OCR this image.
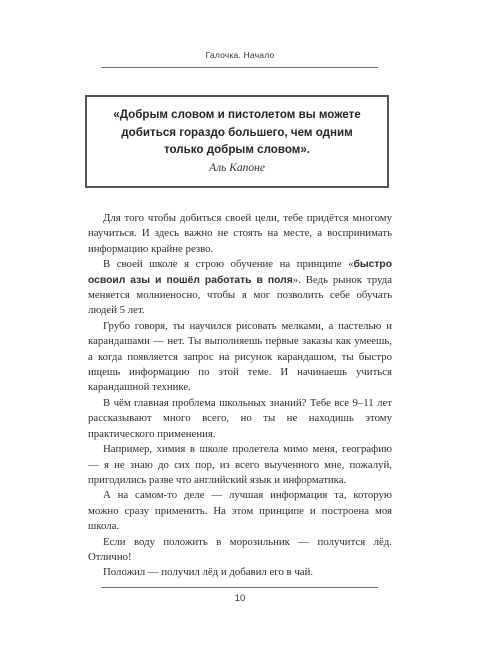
Галочка. Начало
«Добрым словом и пистолетом вы можете
добиться гораздо большего, чем одним
только добрым словом».
Аль Капоне

Для того чтобы добиться своей цели, тебе придётся многому научиться. И здесь важно не стоять на месте, а воспринимать информацию крайне резво.

В своей школе я строю обучение на принципе «быстро освоил азы и пошёл работать в поля». Ведь рынок труда меняется молниеносно, чтобы я мог позволить себе обучать людей 5 лет.

Грубо говоря, ты научился рисовать мелками, а пастелью и карандашами — нет. Ты выполняешь первые заказы как умеешь, а когда появляется запрос на рисунок карандашом, ты быстро ищешь информацию по этой теме. И начинаешь учиться карандашной технике.

В чём главная проблема школьных знаний? Тебе все 9–11 лет рассказывают много всего, но ты не находишь этому практического применения.

Например, химия в школе пролетела мимо меня, географию — я не знаю до сих пор, из всего выученного мне, пожалуй, пригодились разве что английский язык и информатика.

А на самом-то деле — лучшая информация та, которую можно сразу применить. На этом принципе и построена моя школа.

Если воду положить в морозильник — получится лёд. Отлично!

Положил — получил лёд и добавил его в чай.

10
